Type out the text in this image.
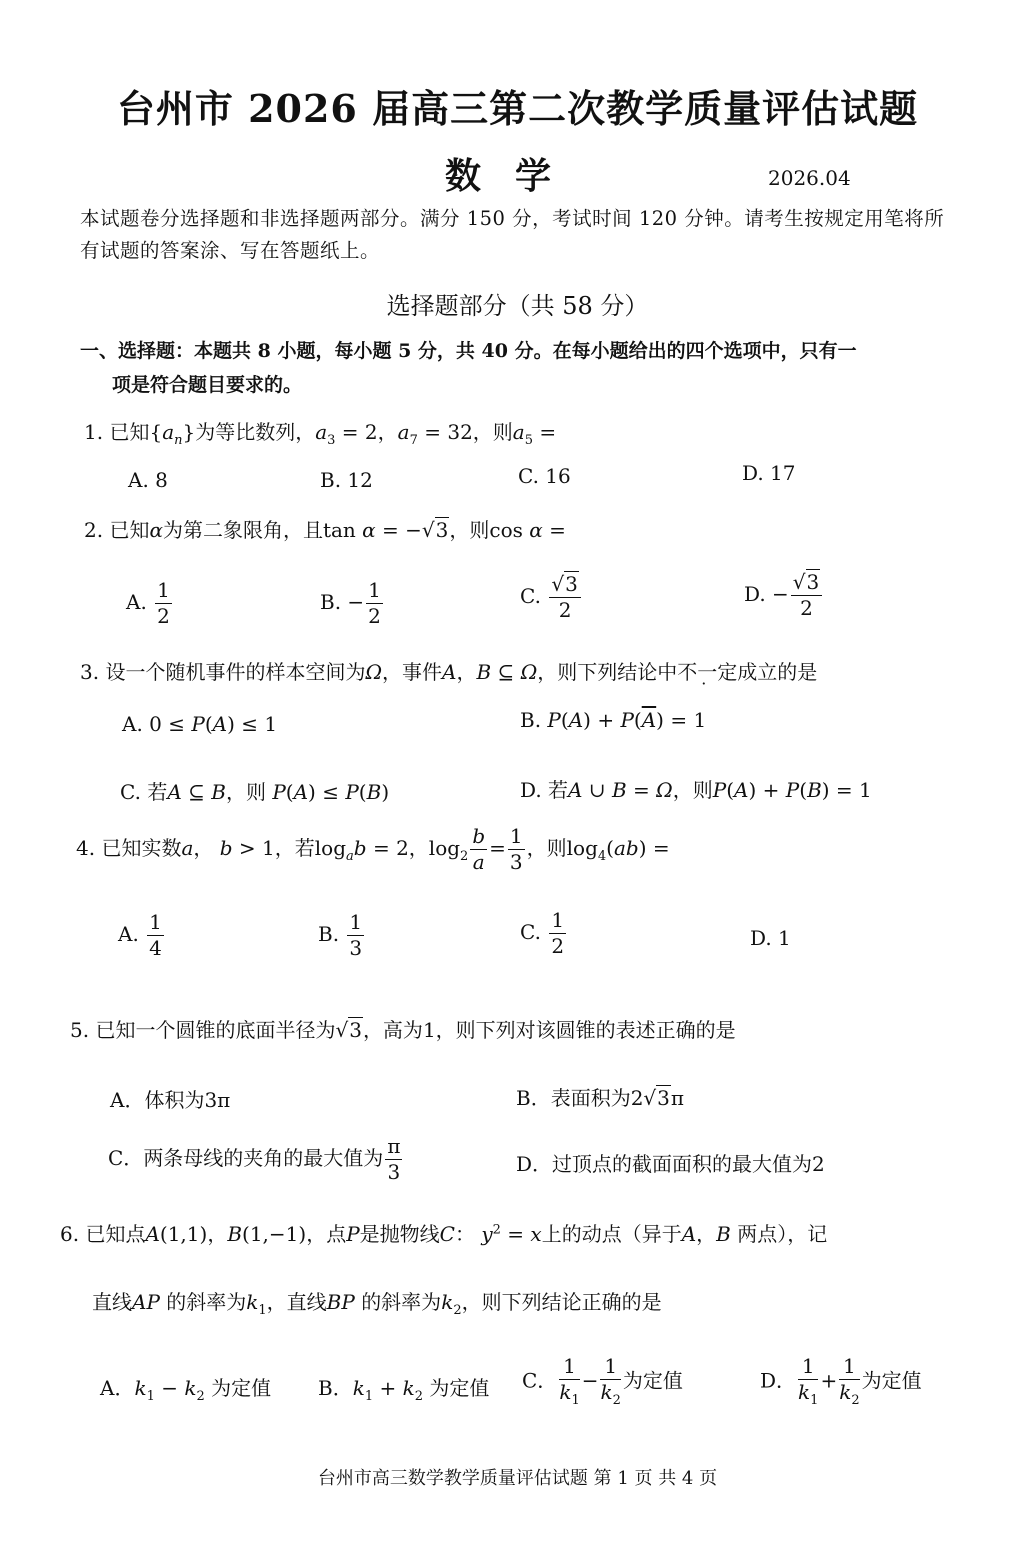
台州市 2026 届高三第二次教学质量评估试题
数学	2026.04
本试题卷分选择题和非选择题两部分。满分 150 分，考试时间 120 分钟。请考生按规定用笔将所有试题的答案涂、写在答题纸上。
选择题部分（共 58 分）
一、选择题：本题共 8 小题，每小题 5 分，共 40 分。在每小题给出的四个选项中，只有一
项是符合题目要求的。
1. 已知$\{a_n\}$为等比数列，$a_3 = 2$，$a_7 = 32$，则$a_5$ =
A. 8	B. 12	C. 16	D. 17
2. 已知α为第二象限角，且tan α = −√3，则cos α =
A. $\frac{1}{2}$	B. − $\frac{1}{2}$	C. $\frac{√3}{2}$	D. − $\frac{√3}{2}$
3. 设一个随机事件的样本空间为Ω，事件A，B ⊆ Ω，则下列结论中不一定成立的是
A. 0 ≤ P(A) ≤ 1	B. $P(A) + P(\overline{A}) = 1$
C. 若A ⊆ B，则 P(A) ≤ P(B)	D. 若A ∪ B = Ω，则P(A) + P(B) = 1
4. 已知实数a， b > 1，若$\log_ab = 2$，$\log_2 \frac{b}{a} = \frac{1}{3}$ ，则$\log_4(ab)$ =
A. $\frac{1}{4}$	B. $\frac{1}{3}$	C. $\frac{1}{2}$	D. 1
5. 已知一个圆锥的底面半径为√3，高为1，则下列对该圆锥的表述正确的是
A．体积为3π	B．表面积为2√3π
C．两条母线的夹角的最大值为 $\frac{\pi}{3}$	D．过顶点的截面面积的最大值为2
6. 已知点A(1,1)，B(1,−1)，点P是抛物线C： $y^2 = x$上的动点（异于A，B 两点），记
直线AP 的斜率为$k_1$，直线BP 的斜率为$k_2$，则下列结论正确的是
A．$k_1 - k_2$ 为定值 B．$k_1 + k_2$ 为定值 C． $\frac{1}{k_1} - \frac{1}{k_2}$ 为定值	D． $\frac{1}{k_1} + \frac{1}{k_2}$ 为定值
台州市高三数学教学质量评估试题 第 1 页 共 4 页
